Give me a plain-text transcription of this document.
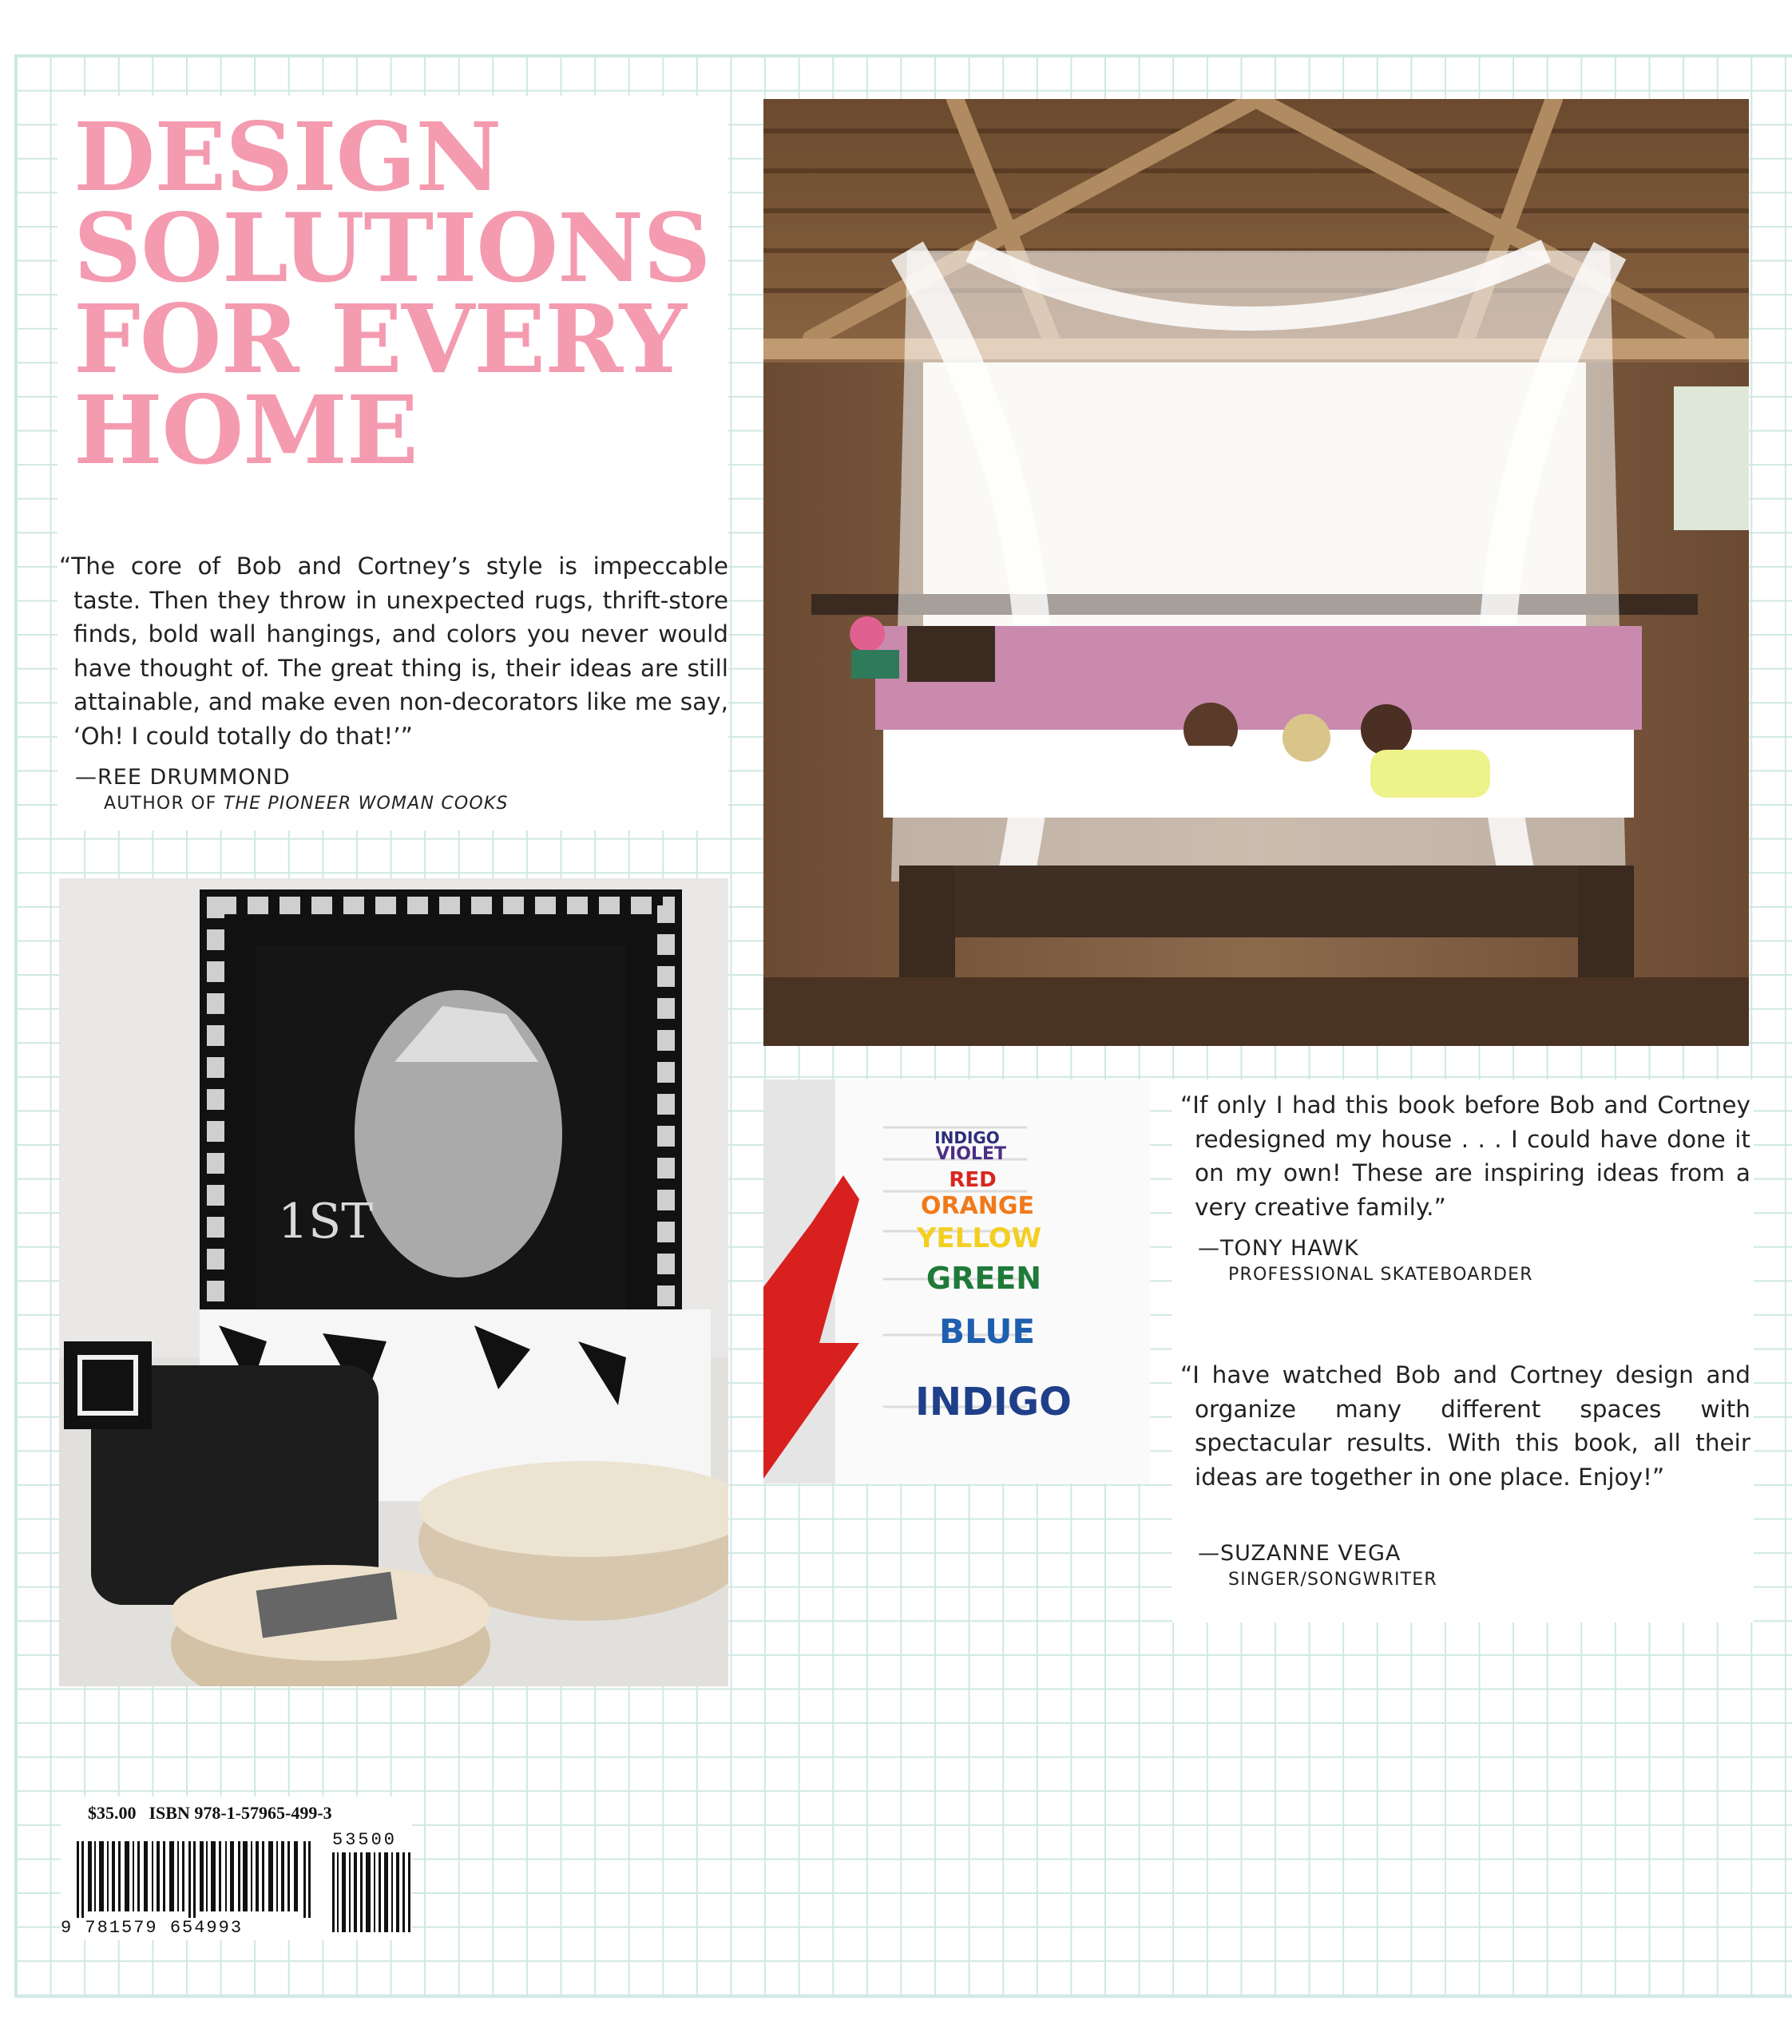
DESIGN
SOLUTIONS
FOR EVERY
HOME
“The core of Bob and Cortney’s style is impeccable taste. Then they throw in unexpected rugs, thrift-store finds, bold wall hangings, and colors you never would have thought of. The great thing is, their ideas are still attainable, and make even non-decorators like me say, ‘Oh! I could totally do that!’”
—REE DRUMMOND
AUTHOR OF THE PIONEER WOMAN COOKS
1ST
INDIGO
VIOLET
RED
ORANGE
YELLOW
GREEN
BLUE
INDIGO
“If only I had this book before Bob and Cortney redesigned my house . . . I could have done it on my own! These are inspiring ideas from a very creative family.”
—TONY HAWK
PROFESSIONAL SKATEBOARDER
“I have watched Bob and Cortney design and organize many different spaces with spectacular results. With this book, all their ideas are together in one place. Enjoy!”
—SUZANNE VEGA
SINGER/SONGWRITER
$35.00 ISBN 978-1-57965-499-3
9 781579 654993
53500
